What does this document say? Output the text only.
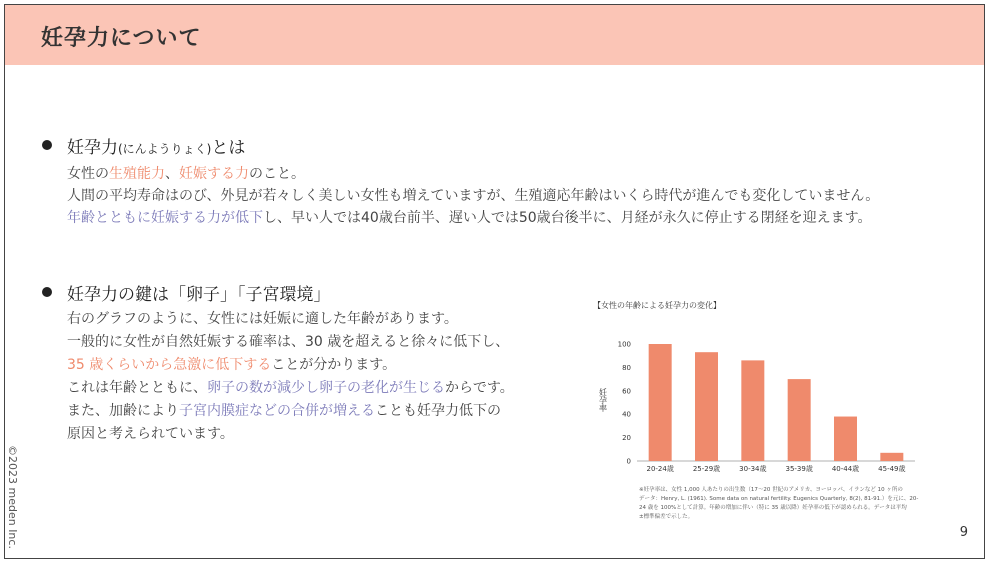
妊孕力について
妊孕力(にんようりょく)とは
女性の生殖能力、妊娠する力のこと。
人間の平均寿命はのび、外見が若々しく美しい女性も増えていますが、生殖適応年齢はいくら時代が進んでも変化していません。
年齢とともに妊娠する力が低下し、早い人では40歳台前半、遅い人では50歳台後半に、月経が永久に停止する閉経を迎えます。
妊孕力の鍵は「卵子」「子宮環境」
右のグラフのように、女性には妊娠に適した年齢があります。
一般的に女性が自然妊娠する確率は、30 歳を超えると徐々に低下し、
35 歳くらいから急激に低下することが分かります。
これは年齢とともに、卵子の数が減少し卵子の老化が生じるからです。
また、加齢により子宮内膜症などの合併が増えることも妊孕力低下の
原因と考えられています。
【女性の年齢による妊孕力の変化】
妊孕率
0
20
40
60
80
100
20-24歳	25-29歳	30-34歳	35-39歳	40-44歳	45-49歳
※妊孕率は、女性 1,000 人あたりの出生数（17～20 世紀のアメリカ、ヨーロッパ、イランなど 10 ヶ所の
データ：Henry, L. (1961). Some data on natural fertility. Eugenics Quarterly, 8(2), 81-91.）を元に、20-
24 歳を 100%として計算。年齢の増加に伴い（特に 35 歳以降）妊孕率の低下が認められる。データは平均
±標準偏差で示した。
©2023 meden Inc.	9
